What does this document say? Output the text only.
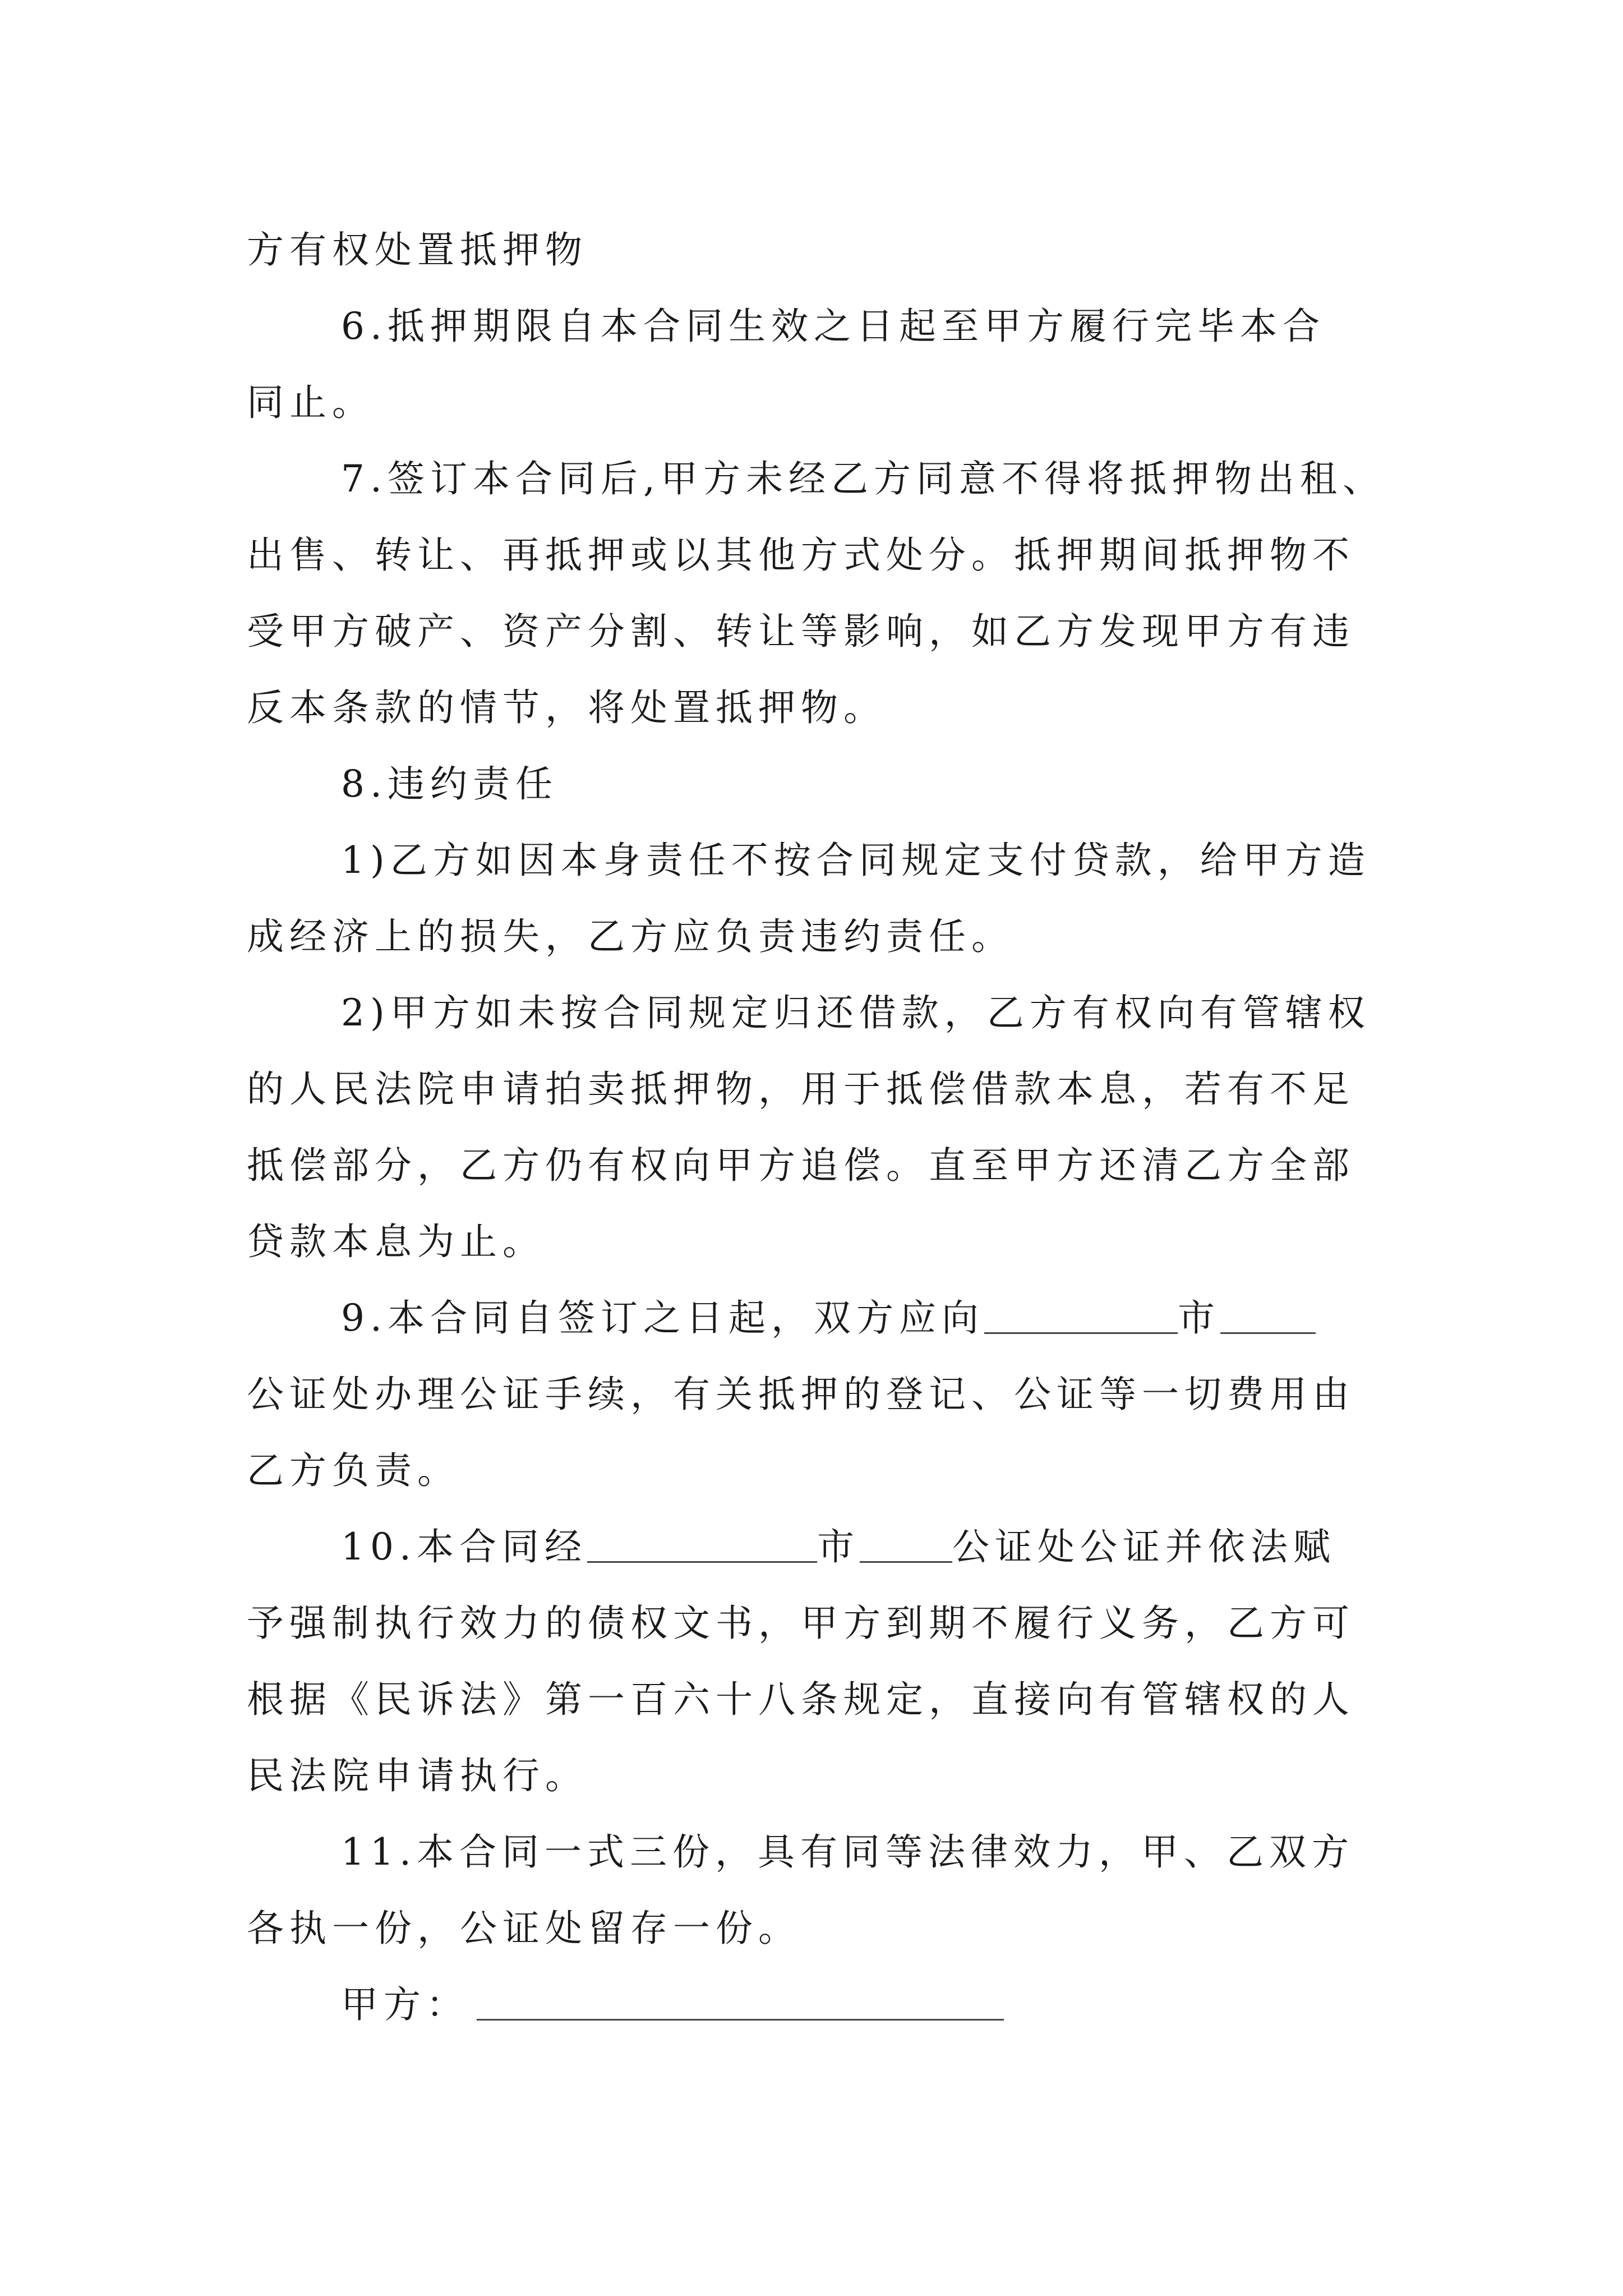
方有权处置抵押物
6.抵押期限自本合同生效之日起至甲方履行完毕本合
同止。
7.签订本合同后,甲方未经乙方同意不得将抵押物出租、
出售、转让、再抵押或以其他方式处分。抵押期间抵押物不
受甲方破产、资产分割、转让等影响，如乙方发现甲方有违
反本条款的情节，将处置抵押物。
8.违约责任
1)乙方如因本身责任不按合同规定支付贷款，给甲方造
成经济上的损失，乙方应负责违约责任。
2)甲方如未按合同规定归还借款，乙方有权向有管辖权
的人民法院申请拍卖抵押物，用于抵偿借款本息，若有不足
抵偿部分，乙方仍有权向甲方追偿。直至甲方还清乙方全部
贷款本息为止。
9.本合同自签订之日起，双方应向	市
公证处办理公证手续，有关抵押的登记、公证等一切费用由
乙方负责。
10.本合同经	市	公证处公证并依法赋
予强制执行效力的债权文书，甲方到期不履行义务，乙方可
根据《民诉法》第一百六十八条规定，直接向有管辖权的人
民法院申请执行。
11.本合同一式三份，具有同等法律效力，甲、乙双方
各执一份，公证处留存一份。
甲方：
